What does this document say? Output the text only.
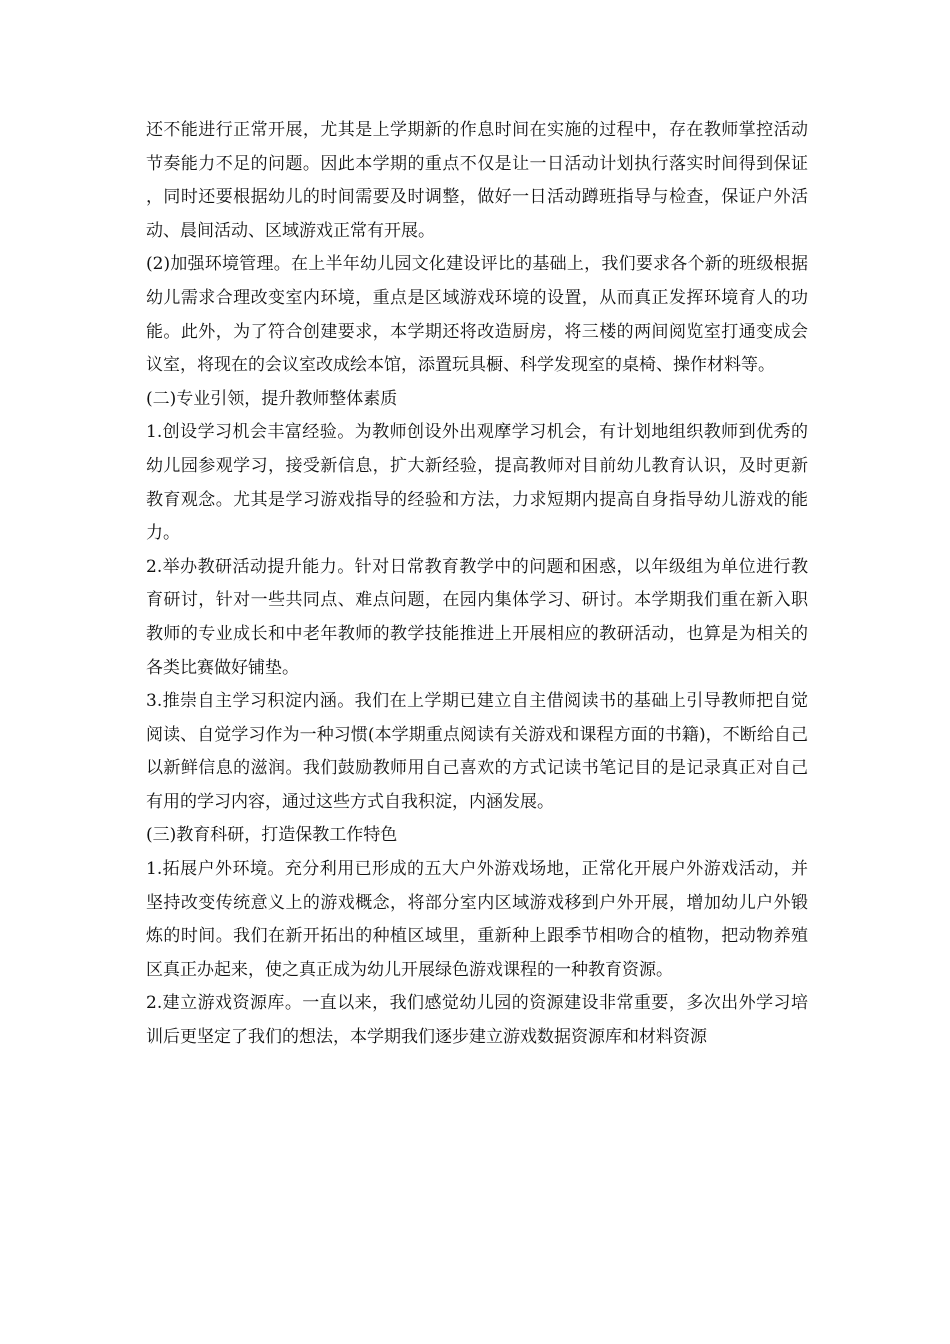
还不能进行正常开展，尤其是上学期新的作息时间在实施的过程中，存在教师掌控活动节奏能力不足的问题。因此本学期的重点不仅是让一日活动计划执行落实时间得到保证，同时还要根据幼儿的时间需要及时调整，做好一日活动蹲班指导与检查，保证户外活动、晨间活动、区域游戏正常有开展。

(2)加强环境管理。在上半年幼儿园文化建设评比的基础上，我们要求各个新的班级根据幼儿需求合理改变室内环境，重点是区域游戏环境的设置，从而真正发挥环境育人的功能。此外，为了符合创建要求，本学期还将改造厨房，将三楼的两间阅览室打通变成会议室，将现在的会议室改成绘本馆，添置玩具橱、科学发现室的桌椅、操作材料等。

(二)专业引领，提升教师整体素质

1.创设学习机会丰富经验。为教师创设外出观摩学习机会，有计划地组织教师到优秀的幼儿园参观学习，接受新信息，扩大新经验，提高教师对目前幼儿教育认识，及时更新教育观念。尤其是学习游戏指导的经验和方法，力求短期内提高自身指导幼儿游戏的能力。

2.举办教研活动提升能力。针对日常教育教学中的问题和困惑，以年级组为单位进行教育研讨，针对一些共同点、难点问题，在园内集体学习、研讨。本学期我们重在新入职教师的专业成长和中老年教师的教学技能推进上开展相应的教研活动，也算是为相关的各类比赛做好铺垫。

3.推崇自主学习积淀内涵。我们在上学期已建立自主借阅读书的基础上引导教师把自觉阅读、自觉学习作为一种习惯(本学期重点阅读有关游戏和课程方面的书籍)，不断给自己以新鲜信息的滋润。我们鼓励教师用自己喜欢的方式记读书笔记目的是记录真正对自己有用的学习内容，通过这些方式自我积淀，内涵发展。

(三)教育科研，打造保教工作特色

1.拓展户外环境。充分利用已形成的五大户外游戏场地，正常化开展户外游戏活动，并坚持改变传统意义上的游戏概念，将部分室内区域游戏移到户外开展，增加幼儿户外锻炼的时间。我们在新开拓出的种植区域里，重新种上跟季节相吻合的植物，把动物养殖区真正办起来，使之真正成为幼儿开展绿色游戏课程的一种教育资源。

2.建立游戏资源库。一直以来，我们感觉幼儿园的资源建设非常重要，多次出外学习培训后更坚定了我们的想法，本学期我们逐步建立游戏数据资源库和材料资源
